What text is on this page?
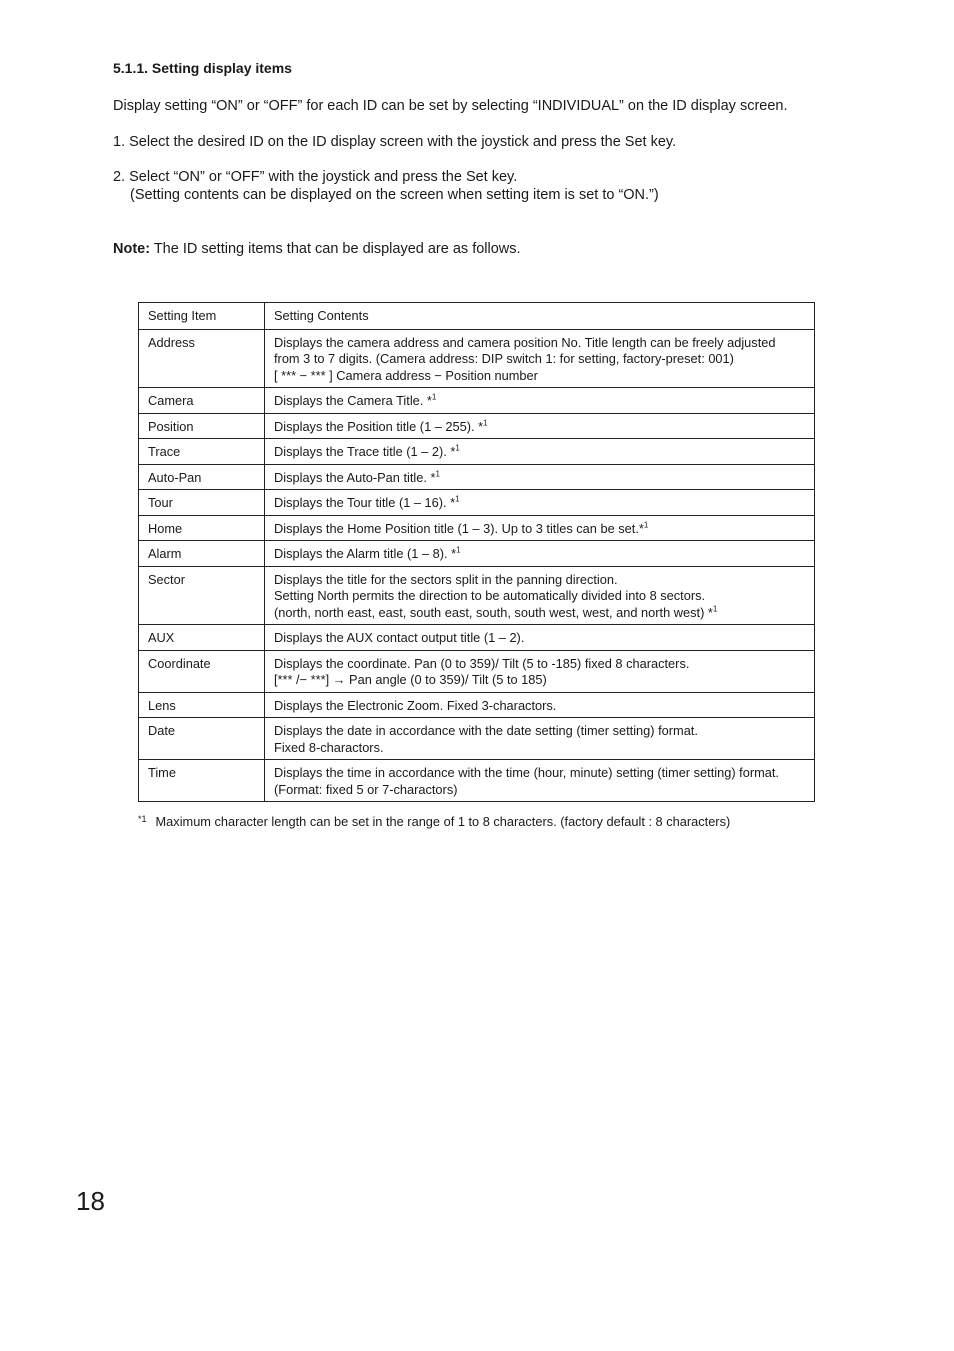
5.1.1. Setting display items
Display setting “ON” or “OFF” for each ID can be set by selecting “INDIVIDUAL” on the ID display screen.
1. Select the desired ID on the ID display screen with the joystick and press the Set key.
2. Select “ON” or “OFF” with the joystick and press the Set key.
(Setting contents can be displayed on the screen when setting item is set to “ON.”)
Note: The ID setting items that can be displayed are as follows.
Setting Item	Setting Contents
Address	Displays the camera address and camera position No. Title length can be freely adjusted
from 3 to 7 digits. (Camera address: DIP switch 1: for setting, factory-preset: 001)
[ *** − *** ] Camera address − Position number

Camera	Displays the Camera Title. *$^1$

Position	Displays the Position title (1 – 255). *$^1$

Trace	Displays the Trace title (1 – 2). *$^1$

Auto-Pan	Displays the Auto-Pan title. *$^1$

Tour	Displays the Tour title (1 – 16). *$^1$

Home	Displays the Home Position title (1 – 3). Up to 3 titles can be set.*$^1$

Alarm	Displays the Alarm title (1 – 8). *$^1$

Sector	Displays the title for the sectors split in the panning direction.
Setting North permits the direction to be automatically divided into 8 sectors.
(north, north east, east, south east, south, south west, west, and north west) *$^1$

AUX	Displays the AUX contact output title (1 – 2).

Coordinate	Displays the coordinate. Pan (0 to 359)/ Tilt (5 to -185) fixed 8 characters.
[*** /− ***] → Pan angle (0 to 359)/ Tilt (5 to 185)

Lens	Displays the Electronic Zoom. Fixed 3-charactors.

Date	Displays the date in accordance with the date setting (timer setting) format.
Fixed 8-charactors.

Time	Displays the time in accordance with the time (hour, minute) setting (timer setting) format.
(Format: fixed 5 or 7-charactors)
$^{*1}$ Maximum character length can be set in the range of 1 to 8 characters. (factory default : 8 characters)
18
